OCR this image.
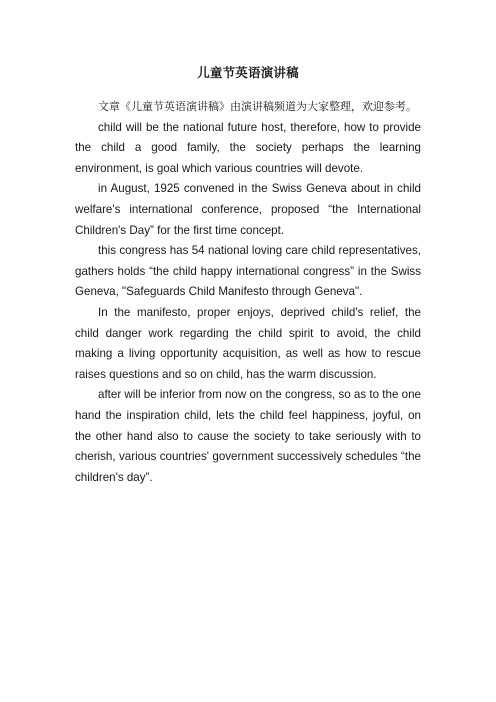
儿童节英语演讲稿

文章《儿童节英语演讲稿》由演讲稿频道为大家整理，欢迎参考。

child will be the national future host, therefore, how to provide the child a good family, the society perhaps the learning environment, is goal which various countries will devote.

in August, 1925 convened in the Swiss Geneva about in child welfare's international conference, proposed “the International Children's Day” for the first time concept.

this congress has 54 national loving care child representatives, gathers holds “the child happy international congress” in the Swiss Geneva, "Safeguards Child Manifesto through Geneva".

In the manifesto, proper enjoys, deprived child's relief, the child danger work regarding the child spirit to avoid, the child making a living opportunity acquisition, as well as how to rescue raises questions and so on child, has the warm discussion.

after will be inferior from now on the congress, so as to the one hand the inspiration child, lets the child feel happiness, joyful, on the other hand also to cause the society to take seriously with to cherish, various countries' government successively schedules “the children's day”.
